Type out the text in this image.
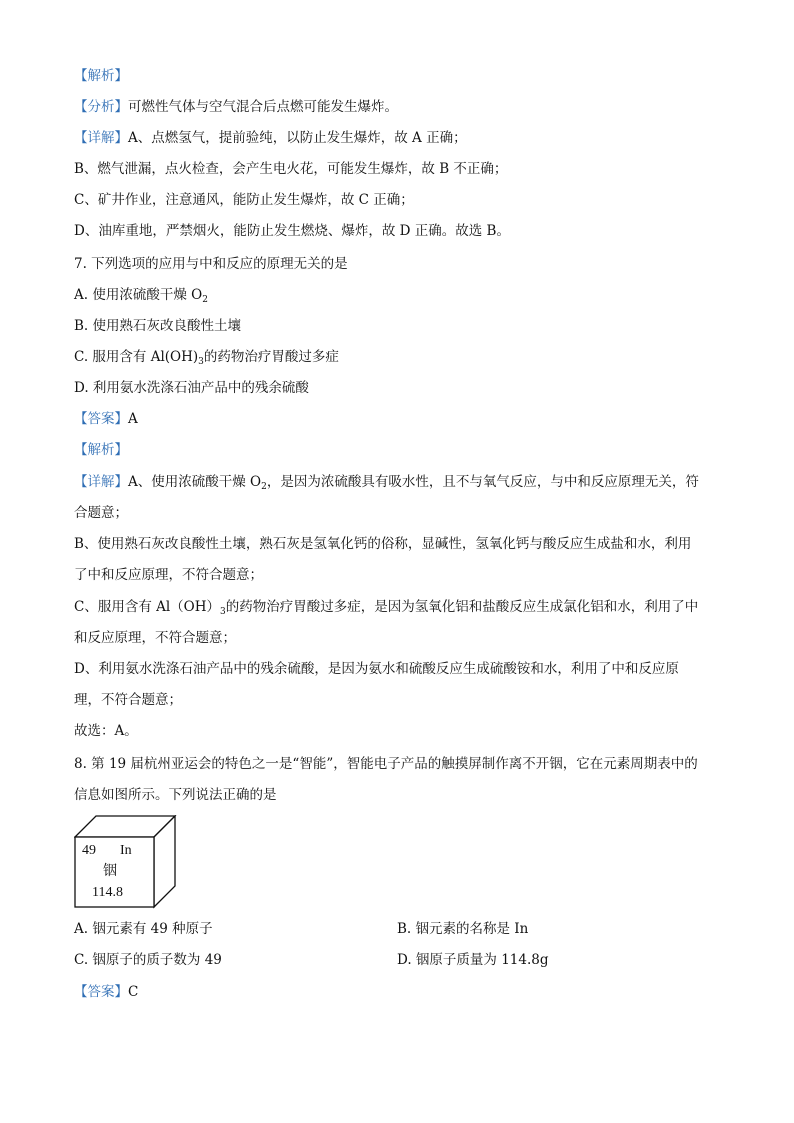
【解析】
【分析】可燃性气体与空气混合后点燃可能发生爆炸。
【详解】A、点燃氢气，提前验纯，以防止发生爆炸，故 A 正确；
B、燃气泄漏，点火检查，会产生电火花，可能发生爆炸，故 B 不正确；
C、矿井作业，注意通风，能防止发生爆炸，故 C 正确；
D、油库重地，严禁烟火，能防止发生燃烧、爆炸，故 D 正确。故选 B。
7. 下列选项的应用与中和反应的原理无关的是
A. 使用浓硫酸干燥 $O_2$
B. 使用熟石灰改良酸性土壤
C. 服用含有 $Al(OH)_3$的药物治疗胃酸过多症
D. 利用氨水洗涤石油产品中的残余硫酸
【答案】A
【解析】
【详解】A、使用浓硫酸干燥 $O_2$，是因为浓硫酸具有吸水性，且不与氧气反应，与中和反应原理无关，符
合题意；
B、使用熟石灰改良酸性土壤，熟石灰是氢氧化钙的俗称，显碱性，氢氧化钙与酸反应生成盐和水，利用
了中和反应原理，不符合题意；
C、服用含有 $Al(OH)_3$的药物治疗胃酸过多症，是因为氢氧化铝和盐酸反应生成氯化铝和水，利用了中
和反应原理，不符合题意；
D、利用氨水洗涤石油产品中的残余硫酸，是因为氨水和硫酸反应生成硫酸铵和水，利用了中和反应原
理，不符合题意；
故选：A。
8. 第 19 届杭州亚运会的特色之一是“智能”，智能电子产品的触摸屏制作离不开铟，它在元素周期表中的
信息如图所示。下列说法正确的是
49 In
铟
114.8
A. 铟元素有 49 种原子	B. 铟元素的名称是 In
C. 铟原子的质子数为 49	D. 铟原子质量为 114.8g
【答案】C
